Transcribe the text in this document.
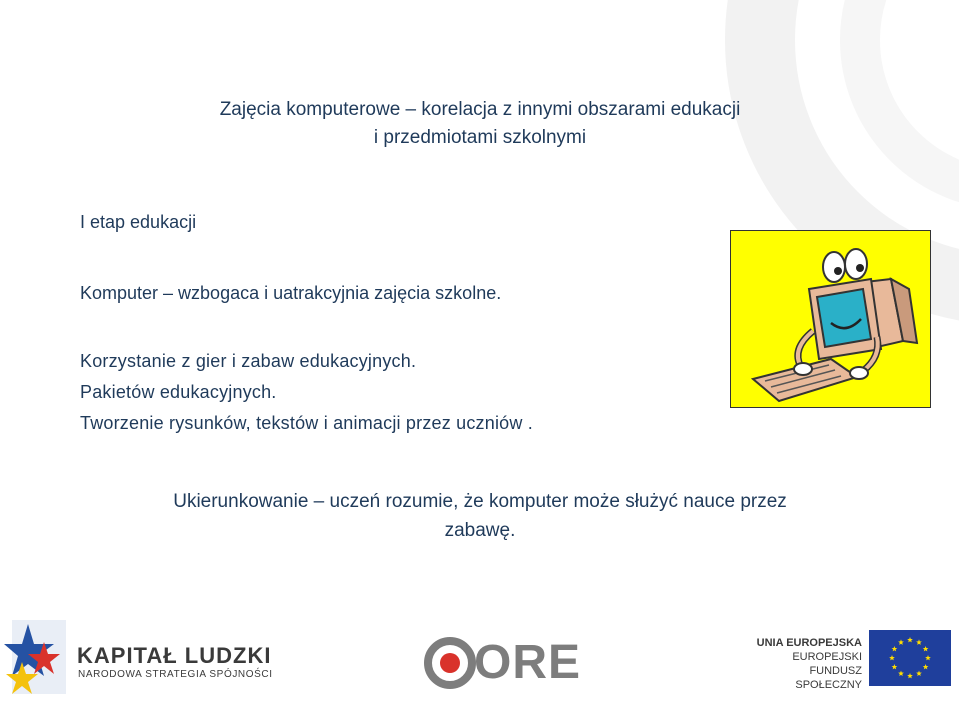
Zajęcia komputerowe – korelacja z innymi obszarami edukacji
i przedmiotami szkolnymi
I etap edukacji
Komputer – wzbogaca i uatrakcyjnia zajęcia szkolne.
Korzystanie z gier i zabaw edukacyjnych.
Pakietów edukacyjnych.
Tworzenie rysunków, tekstów i animacji przez uczniów .
Ukierunkowanie – uczeń rozumie, że komputer może służyć nauce przez
zabawę.
KAPITAŁ LUDZKI
NARODOWA STRATEGIA SPÓJNOŚCI	ORE	UNIA EUROPEJSKA
EUROPEJSKI
FUNDUSZ SPOŁECZNY
